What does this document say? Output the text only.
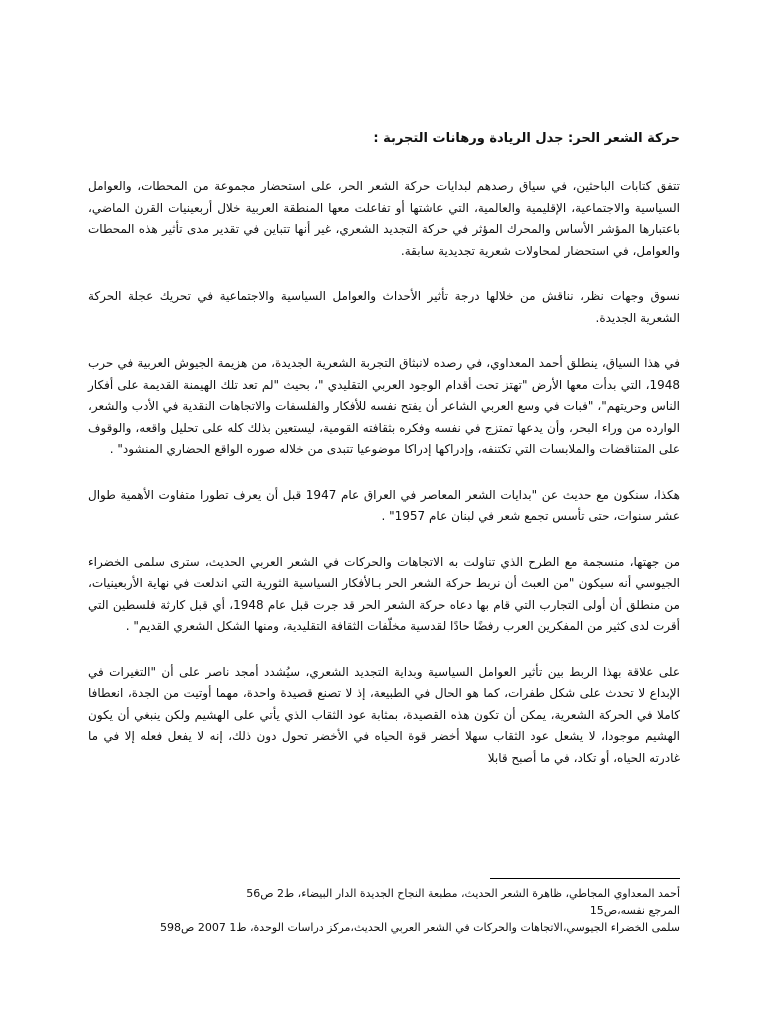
حركة الشعر الحر: جدل الريادة ورهانات التجربة :

تتفق كتابات الباحثين، في سياق رصدهم لبدايات حركة الشعر الحر، على استحضار مجموعة من المحطات، والعوامل السياسية والاجتماعية، الإقليمية والعالمية، التي عاشتها أو تفاعلت معها المنطقة العربية خلال أربعينيات القرن الماضي، باعتبارها المؤشر الأساس والمحرك المؤثر في حركة التجديد الشعري، غير أنها تتباين في تقدير مدى تأثير هذه المحطات والعوامل، في استحضار لمحاولات شعرية تجديدية سابقة.

نسوق وجهات نظر، نناقش من خلالها درجة تأثير الأحداث والعوامل السياسية والاجتماعية في تحريك عجلة الحركة الشعرية الجديدة.

في هذا السياق، ينطلق أحمد المعداوي، في رصده لانبثاق التجربة الشعرية الجديدة، من هزيمة الجيوش العربية في حرب 1948، التي بدأت معها الأرض "تهتز تحت أقدام الوجود العربي التقليدي "، بحيث "لم تعد تلك الهيمنة القديمة على أفكار الناس وحريتهم"، "فبات في وسع العربي الشاعر أن يفتح نفسه للأفكار والفلسفات والاتجاهات النقدية في الأدب والشعر، الوارده من وراء البحر، وأن يدعها تمتزج في نفسه وفكره بثقافته القومية، ليستعين بذلك كله على تحليل واقعه، والوقوف على المتناقضات والملابسات التي تكتنفه، وإدراكها إدراكا موضوعيا تتبدى من خلاله صوره الواقع الحضاري المنشود" .

هكذا، سنكون مع حديث عن "بدايات الشعر المعاصر في العراق عام 1947 قبل أن يعرف تطورا متفاوت الأهمية طوال عشر سنوات، حتى تأسس تجمع شعر في لبنان عام 1957" .

من جهتها، منسجمة مع الطرح الذي تناولت به الاتجاهات والحركات في الشعر العربي الحديث، سترى سلمى الخضراء الجيوسي أنه سيكون "من العبث أن نربط حركة الشعر الحر بـالأفكار السياسية الثورية التي اندلعت في نهاية الأربعينيات، من منطلق أن أولى التجارب التي قام بها دعاه حركة الشعر الحر قد جرت قبل عام 1948، أي قبل كارثة فلسطين التي أقرت لدى كثير من المفكرين العرب رفضًا حادًا لقدسية مخلّفات الثقافة التقليدية، ومنها الشكل الشعري القديم" .

على علاقة بهذا الربط بين تأثير العوامل السياسية وبداية التجديد الشعري، سيُشدد أمجد ناصر على أن "التغيرات في الإبداع لا تحدث على شكل طفرات، كما هو الحال في الطبيعة، إذ لا تصنع قصيدة واحدة، مهما أوتيت من الجدة، انعطافا كاملا في الحركة الشعرية، يمكن أن تكون هذه القصيدة، بمثابة عود الثقاب الذي يأتي على الهشيم ولكن ينبغي أن يكون الهشيم موجودا، لا يشعل عود الثقاب سهلا أخضر قوة الحياه في الأخضر تحول دون ذلك، إنه لا يفعل فعله إلا في ما غادرته الحياه، أو تكاد، في ما أصبح قابلا

أحمد المعداوي المجاطي، ظاهرة الشعر الحديث، مطبعة النجاح الجديدة الدار البيضاء، ط2 ص56

المرجع نفسه،ص15

سلمى الخضراء الجيوسي،الاتجاهات والحركات في الشعر العربي الحديث،مركز دراسات الوحدة، ط1 2007 ص598
